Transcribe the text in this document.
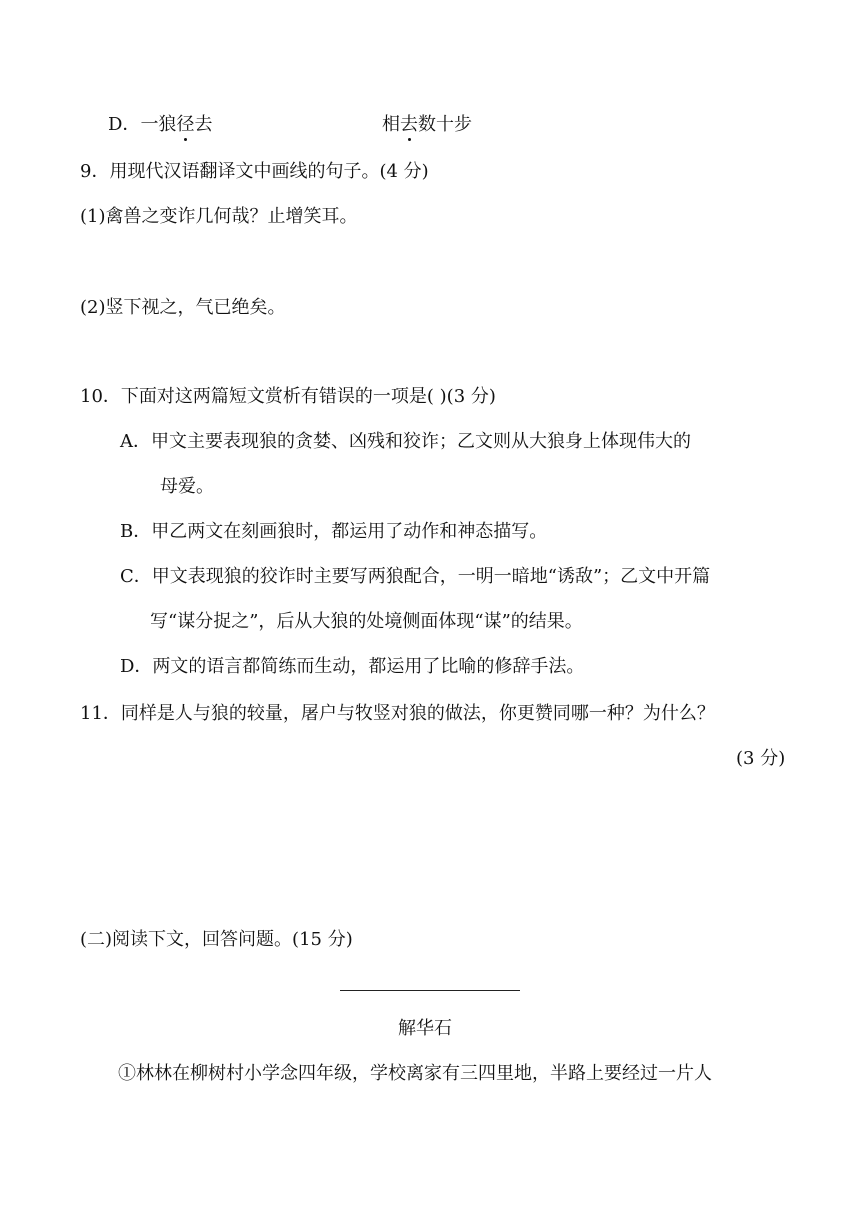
D．一狼径去	相去数十步
9．用现代汉语翻译文中画线的句子。(4 分)
(1)禽兽之变诈几何哉？止增笑耳。
(2)竖下视之，气已绝矣。
10．下面对这两篇短文赏析有错误的一项是( )(3 分)
A．甲文主要表现狼的贪婪、凶残和狡诈；乙文则从大狼身上体现伟大的
母爱。
B．甲乙两文在刻画狼时，都运用了动作和神态描写。
C．甲文表现狼的狡诈时主要写两狼配合，一明一暗地“诱敌”；乙文中开篇
写“谋分捉之”，后从大狼的处境侧面体现“谋”的结果。
D．两文的语言都简练而生动，都运用了比喻的修辞手法。
11．同样是人与狼的较量，屠户与牧竖对狼的做法，你更赞同哪一种？为什么？
(3 分)
(二)阅读下文，回答问题。(15 分)
解华石
①林林在柳树村小学念四年级，学校离家有三四里地，半路上要经过一片人
